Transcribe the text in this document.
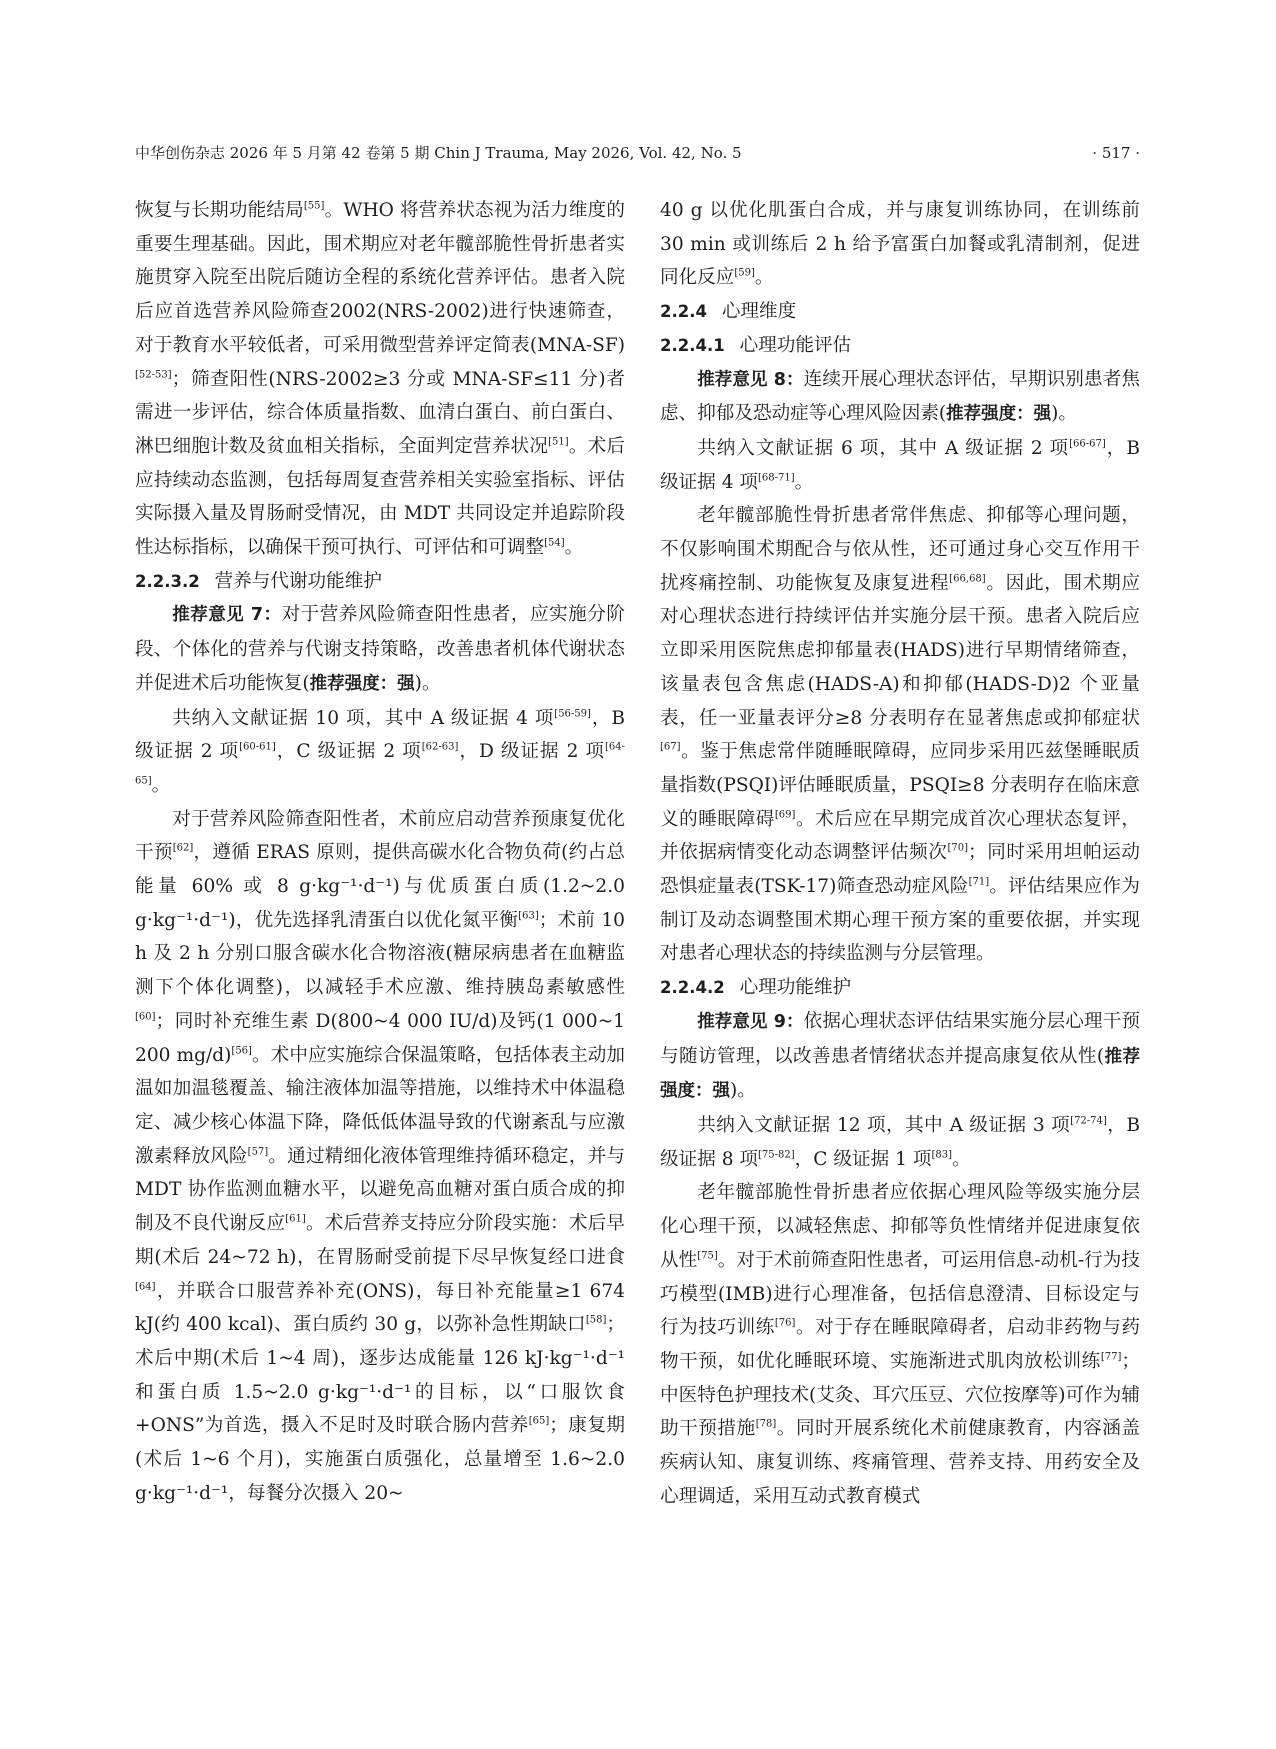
中华创伤杂志 2026 年 5 月第 42 卷第 5 期 Chin J Trauma, May 2026, Vol. 42, No. 5	· 517 ·

恢复与长期功能结局[55]。WHO 将营养状态视为活力维度的重要生理基础。因此，围术期应对老年髋部脆性骨折患者实施贯穿入院至出院后随访全程的系统化营养评估。患者入院后应首选营养风险筛查2002(NRS-2002)进行快速筛查，对于教育水平较低者，可采用微型营养评定简表(MNA-SF)[52-53]；筛查阳性(NRS-2002≥3 分或 MNA-SF≤11 分)者需进一步评估，综合体质量指数、血清白蛋白、前白蛋白、淋巴细胞计数及贫血相关指标，全面判定营养状况[51]。术后应持续动态监测，包括每周复查营养相关实验室指标、评估实际摄入量及胃肠耐受情况，由 MDT 共同设定并追踪阶段性达标指标，以确保干预可执行、可评估和可调整[54]。

2.2.3.2 营养与代谢功能维护

推荐意见 7：对于营养风险筛查阳性患者，应实施分阶段、个体化的营养与代谢支持策略，改善患者机体代谢状态并促进术后功能恢复(推荐强度：强)。

共纳入文献证据 10 项，其中 A 级证据 4 项[56-59]，B 级证据 2 项[60-61]，C 级证据 2 项[62-63]，D 级证据 2 项[64-65]。

对于营养风险筛查阳性者，术前应启动营养预康复优化干预[62]，遵循 ERAS 原则，提供高碳水化合物负荷(约占总能量 60% 或 8 g·kg⁻¹·d⁻¹)与优质蛋白质(1.2~2.0 g·kg⁻¹·d⁻¹)，优先选择乳清蛋白以优化氮平衡[63]；术前 10 h 及 2 h 分别口服含碳水化合物溶液(糖尿病患者在血糖监测下个体化调整)，以减轻手术应激、维持胰岛素敏感性[60]；同时补充维生素 D(800~4 000 IU/d)及钙(1 000~1 200 mg/d)[56]。术中应实施综合保温策略，包括体表主动加温如加温毯覆盖、输注液体加温等措施，以维持术中体温稳定、减少核心体温下降，降低低体温导致的代谢紊乱与应激激素释放风险[57]。通过精细化液体管理维持循环稳定，并与 MDT 协作监测血糖水平，以避免高血糖对蛋白质合成的抑制及不良代谢反应[61]。术后营养支持应分阶段实施：术后早期(术后 24~72 h)，在胃肠耐受前提下尽早恢复经口进食[64]，并联合口服营养补充(ONS)，每日补充能量≥1 674 kJ(约 400 kcal)、蛋白质约 30 g，以弥补急性期缺口[58]；术后中期(术后 1~4 周)，逐步达成能量 126 kJ·kg⁻¹·d⁻¹和蛋白质 1.5~2.0 g·kg⁻¹·d⁻¹的目标，以“口服饮食+ONS”为首选，摄入不足时及时联合肠内营养[65]；康复期(术后 1~6 个月)，实施蛋白质强化，总量增至 1.6~2.0 g·kg⁻¹·d⁻¹，每餐分次摄入 20~

40 g 以优化肌蛋白合成，并与康复训练协同，在训练前 30 min 或训练后 2 h 给予富蛋白加餐或乳清制剂，促进同化反应[59]。

2.2.4 心理维度
2.2.4.1 心理功能评估

推荐意见 8：连续开展心理状态评估，早期识别患者焦虑、抑郁及恐动症等心理风险因素(推荐强度：强)。

共纳入文献证据 6 项，其中 A 级证据 2 项[66-67]，B 级证据 4 项[68-71]。

老年髋部脆性骨折患者常伴焦虑、抑郁等心理问题，不仅影响围术期配合与依从性，还可通过身心交互作用干扰疼痛控制、功能恢复及康复进程[66,68]。因此，围术期应对心理状态进行持续评估并实施分层干预。患者入院后应立即采用医院焦虑抑郁量表(HADS)进行早期情绪筛查，该量表包含焦虑(HADS-A)和抑郁(HADS-D)2 个亚量表，任一亚量表评分≥8 分表明存在显著焦虑或抑郁症状[67]。鉴于焦虑常伴随睡眠障碍，应同步采用匹兹堡睡眠质量指数(PSQI)评估睡眠质量，PSQI≥8 分表明存在临床意义的睡眠障碍[69]。术后应在早期完成首次心理状态复评，并依据病情变化动态调整评估频次[70]；同时采用坦帕运动恐惧症量表(TSK-17)筛查恐动症风险[71]。评估结果应作为制订及动态调整围术期心理干预方案的重要依据，并实现对患者心理状态的持续监测与分层管理。

2.2.4.2 心理功能维护

推荐意见 9：依据心理状态评估结果实施分层心理干预与随访管理，以改善患者情绪状态并提高康复依从性(推荐强度：强)。

共纳入文献证据 12 项，其中 A 级证据 3 项[72-74]，B 级证据 8 项[75-82]，C 级证据 1 项[83]。

老年髋部脆性骨折患者应依据心理风险等级实施分层化心理干预，以减轻焦虑、抑郁等负性情绪并促进康复依从性[75]。对于术前筛查阳性患者，可运用信息-动机-行为技巧模型(IMB)进行心理准备，包括信息澄清、目标设定与行为技巧训练[76]。对于存在睡眠障碍者，启动非药物与药物干预，如优化睡眠环境、实施渐进式肌肉放松训练[77]；中医特色护理技术(艾灸、耳穴压豆、穴位按摩等)可作为辅助干预措施[78]。同时开展系统化术前健康教育，内容涵盖疾病认知、康复训练、疼痛管理、营养支持、用药安全及心理调适，采用互动式教育模式
